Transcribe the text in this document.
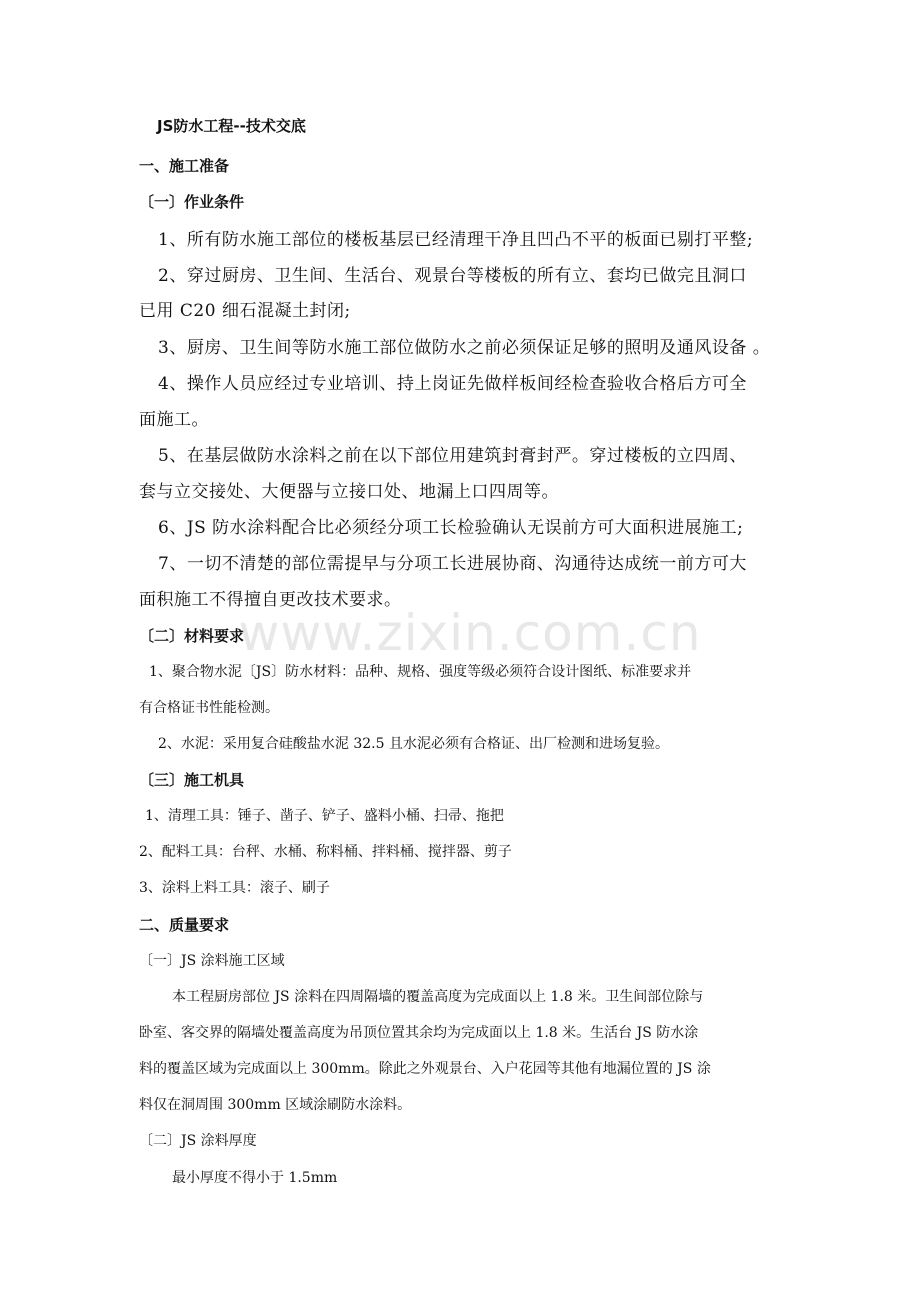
www.zixin.com.cn
JS防水工程--技术交底
一、施工准备
〔一〕作业条件
1、所有防水施工部位的楼板基层已经清理干净且凹凸不平的板面已剔打平整;
2、穿过厨房、卫生间、生活台、观景台等楼板的所有立、套均已做完且洞口
已用 C20 细石混凝土封闭;
3、厨房、卫生间等防水施工部位做防水之前必须保证足够的照明及通风设备 。
4、操作人员应经过专业培训、持上岗证先做样板间经检查验收合格后方可全
面施工。
5、在基层做防水涂料之前在以下部位用建筑封膏封严。穿过楼板的立四周、
套与立交接处、大便器与立接口处、地漏上口四周等。
6、JS 防水涂料配合比必须经分项工长检验确认无误前方可大面积进展施工;
7、一切不清楚的部位需提早与分项工长进展协商、沟通待达成统一前方可大
面积施工不得擅自更改技术要求。
〔二〕材料要求
1、聚合物水泥〔JS〕防水材料：品种、规格、强度等级必须符合设计图纸、标准要求并
有合格证书性能检测。
2、水泥：采用复合硅酸盐水泥 32.5 且水泥必须有合格证、出厂检测和进场复验。
〔三〕施工机具
1、清理工具：锤子、凿子、铲子、盛料小桶、扫帚、拖把
2、配料工具：台秤、水桶、称料桶、拌料桶、搅拌器、剪子
3、涂料上料工具：滚子、刷子
二、质量要求
〔一〕JS 涂料施工区域
本工程厨房部位 JS 涂料在四周隔墙的覆盖高度为完成面以上 1.8 米。卫生间部位除与
卧室、客交界的隔墙处覆盖高度为吊顶位置其余均为完成面以上 1.8 米。生活台 JS 防水涂
料的覆盖区域为完成面以上 300mm。除此之外观景台、入户花园等其他有地漏位置的 JS 涂
料仅在洞周围 300mm 区域涂刷防水涂料。
〔二〕JS 涂料厚度
最小厚度不得小于 1.5mm
